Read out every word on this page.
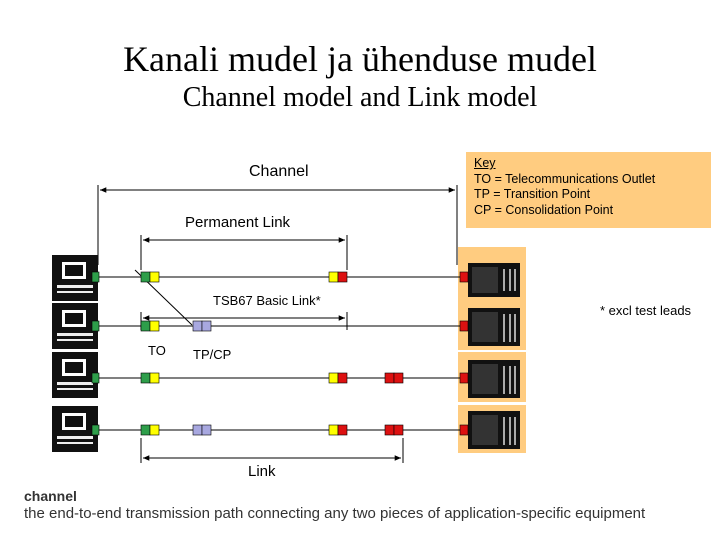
Kanali mudel ja ühenduse mudel
Channel model and Link model
Key
TO = Telecommunications Outlet
TP = Transition Point
CP = Consolidation Point
Channel
Permanent Link
TSB67 Basic Link*
TO TP/CP
Link
* excl test leads
channel
the end-to-end transmission path connecting any two pieces of application-specific equipment
